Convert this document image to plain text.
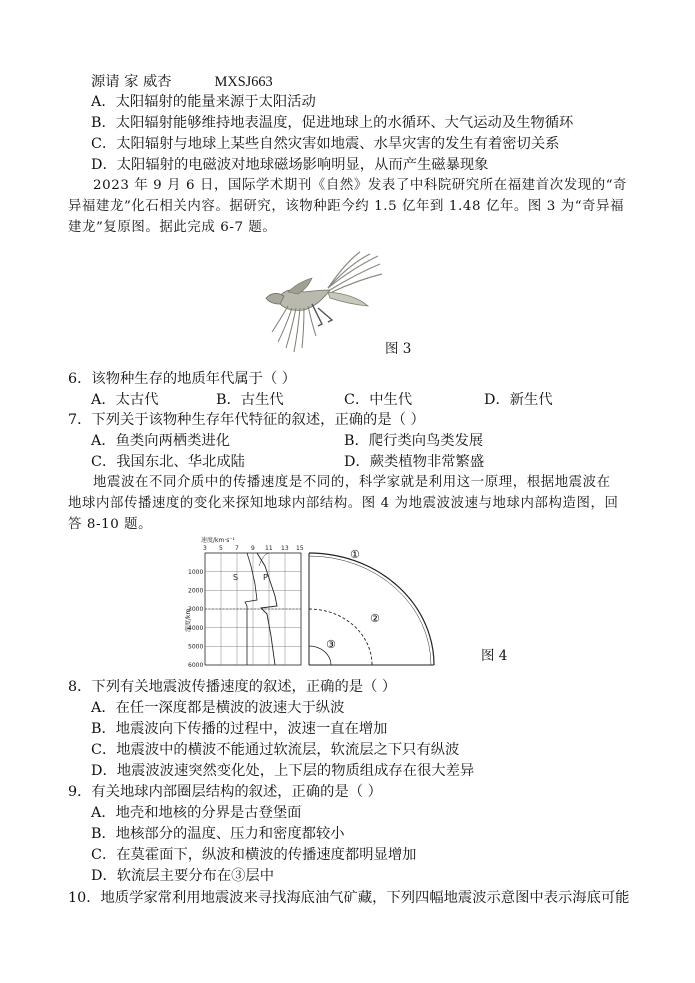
源请 家 威杏	MXSJ663
A．太阳辐射的能量来源于太阳活动
B．太阳辐射能够维持地表温度，促进地球上的水循环、大气运动及生物循环
C．太阳辐射与地球上某些自然灾害如地震、水旱灾害的发生有着密切关系
D．太阳辐射的电磁波对地球磁场影响明显，从而产生磁暴现象
2023 年 9 月 6 日，国际学术期刊《自然》发表了中科院研究所在福建首次发现的“奇
异福建龙”化石相关内容。据研究，该物种距今约 1.5 亿年到 1.48 亿年。图 3 为“奇异福
建龙”复原图。据此完成 6-7 题。
图 3
6．该物种生存的地质年代属于（ ）
A．太古代	B．古生代	C．中生代	D．新生代
7．下列关于该物种生存年代特征的叙述，正确的是（ ）
A．鱼类向两栖类进化	B．爬行类向鸟类发展
C．我国东北、华北成陆	D．蕨类植物非常繁盛
地震波在不同介质中的传播速度是不同的，科学家就是利用这一原理，根据地震波在
地球内部传播速度的变化来探知地球内部结构。图 4 为地震波波速与地球内部构造图，回
答 8-10 题。
速度/km·s⁻¹
深度/km
3 5 7 9 11 13 15
1000
2000
3000
4000
5000
6000
S	P
①
②
③
图 4
8．下列有关地震波传播速度的叙述，正确的是（ ）
A．在任一深度都是横波的波速大于纵波
B．地震波向下传播的过程中，波速一直在增加
C．地震波中的横波不能通过软流层，软流层之下只有纵波
D．地震波波速突然变化处，上下层的物质组成存在很大差异
9．有关地球内部圈层结构的叙述，正确的是（ ）
A．地壳和地核的分界是古登堡面
B．地核部分的温度、压力和密度都较小
C．在莫霍面下，纵波和横波的传播速度都明显增加
D．软流层主要分布在③层中
10．地质学家常利用地震波来寻找海底油气矿藏，下列四幅地震波示意图中表示海底可能
